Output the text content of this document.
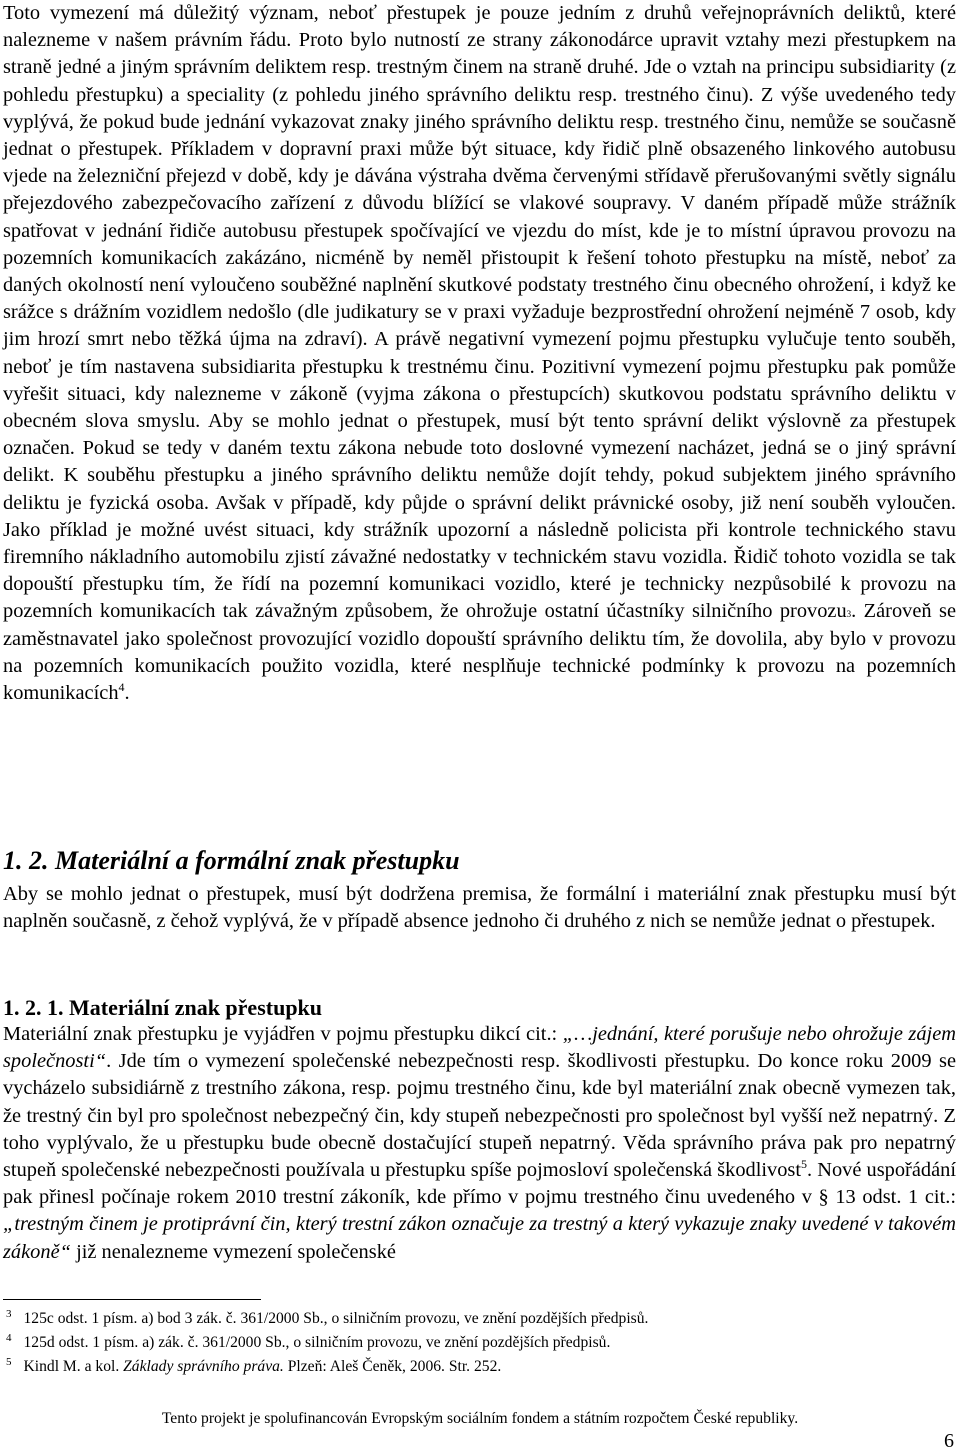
Toto vymezení má důležitý význam, neboť přestupek je pouze jedním z druhů veřejnoprávních deliktů, které nalezneme v našem právním řádu. Proto bylo nutností ze strany zákonodárce upravit vztahy mezi přestupkem na straně jedné a jiným správním deliktem resp. trestným činem na straně druhé. Jde o vztah na principu subsidiarity (z pohledu přestupku) a speciality (z pohledu jiného správního deliktu resp. trestného činu). Z výše uvedeného tedy vyplývá, že pokud bude jednání vykazovat znaky jiného správního deliktu resp. trestného činu, nemůže se současně jednat o přestupek. Příkladem v dopravní praxi může být situace, kdy řidič plně obsazeného linkového autobusu vjede na železniční přejezd v době, kdy je dávána výstraha dvěma červenými střídavě přerušovanými světly signálu přejezdového zabezpečovacího zařízení z důvodu blížící se vlakové soupravy. V daném případě může strážník spatřovat v jednání řidiče autobusu přestupek spočívající ve vjezdu do míst, kde je to místní úpravou provozu na pozemních komunikacích zakázáno, nicméně by neměl přistoupit k řešení tohoto přestupku na místě, neboť za daných okolností není vyloučeno souběžné naplnění skutkové podstaty trestného činu obecného ohrožení, i když ke srážce s drážním vozidlem nedošlo (dle judikatury se v praxi vyžaduje bezprostřední ohrožení nejméně 7 osob, kdy jim hrozí smrt nebo těžká újma na zdraví). A právě negativní vymezení pojmu přestupku vylučuje tento souběh, neboť je tím nastavena subsidiarita přestupku k trestnému činu. Pozitivní vymezení pojmu přestupku pak pomůže vyřešit situaci, kdy nalezneme v zákoně (vyjma zákona o přestupcích) skutkovou podstatu správního deliktu v obecném slova smyslu. Aby se mohlo jednat o přestupek, musí být tento správní delikt výslovně za přestupek označen. Pokud se tedy v daném textu zákona nebude toto doslovné vymezení nacházet, jedná se o jiný správní delikt. K souběhu přestupku a jiného správního deliktu nemůže dojít tehdy, pokud subjektem jiného správního deliktu je fyzická osoba. Avšak v případě, kdy půjde o správní delikt právnické osoby, již není souběh vyloučen. Jako příklad je možné uvést situaci, kdy strážník upozorní a následně policista při kontrole technického stavu firemního nákladního automobilu zjistí závažné nedostatky v technickém stavu vozidla. Řidič tohoto vozidla se tak dopouští přestupku tím, že řídí na pozemní komunikaci vozidlo, které je technicky nezpůsobilé k provozu na pozemních komunikacích tak závažným způsobem, že ohrožuje ostatní účastníky silničního provozu3. Zároveň se zaměstnavatel jako společnost provozující vozidlo dopouští správního deliktu tím, že dovolila, aby bylo v provozu na pozemních komunikacích použito vozidla, které nesplňuje technické podmínky k provozu na pozemních komunikacích$^4$.

1. 2. Materiální a formální znak přestupku

Aby se mohlo jednat o přestupek, musí být dodržena premisa, že formální i materiální znak přestupku musí být naplněn současně, z čehož vyplývá, že v případě absence jednoho či druhého z nich se nemůže jednat o přestupek.

1. 2. 1. Materiální znak přestupku

Materiální znak přestupku je vyjádřen v pojmu přestupku dikcí cit.: „…jednání, které porušuje nebo ohrožuje zájem společnosti“. Jde tím o vymezení společenské nebezpečnosti resp. škodlivosti přestupku. Do konce roku 2009 se vycházelo subsidiárně z trestního zákona, resp. pojmu trestného činu, kde byl materiální znak obecně vymezen tak, že trestný čin byl pro společnost nebezpečný čin, kdy stupeň nebezpečnosti pro společnost byl vyšší než nepatrný. Z toho vyplývalo, že u přestupku bude obecně dostačující stupeň nepatrný. Věda správního práva pak pro nepatrný stupeň společenské nebezpečnosti používala u přestupku spíše pojmosloví společenská škodlivost$^5$. Nové uspořádání pak přinesl počínaje rokem 2010 trestní zákoník, kde přímo v pojmu trestného činu uvedeného v § 13 odst. 1 cit.: „trestným činem je protiprávní čin, který trestní zákon označuje za trestný a který vykazuje znaky uvedené v takovém zákoně“ již nenalezneme vymezení společenské

$^3$ 125c odst. 1 písm. a) bod 3 zák. č. 361/2000 Sb., o silničním provozu, ve znění pozdějších předpisů.
$^4$ 125d odst. 1 písm. a) zák. č. 361/2000 Sb., o silničním provozu, ve znění pozdějších předpisů.
$^5$ Kindl M. a kol. Základy správního práva. Plzeň: Aleš Čeněk, 2006. Str. 252.
Tento projekt je spolufinancován Evropským sociálním fondem a státním rozpočtem České republiky.
6
